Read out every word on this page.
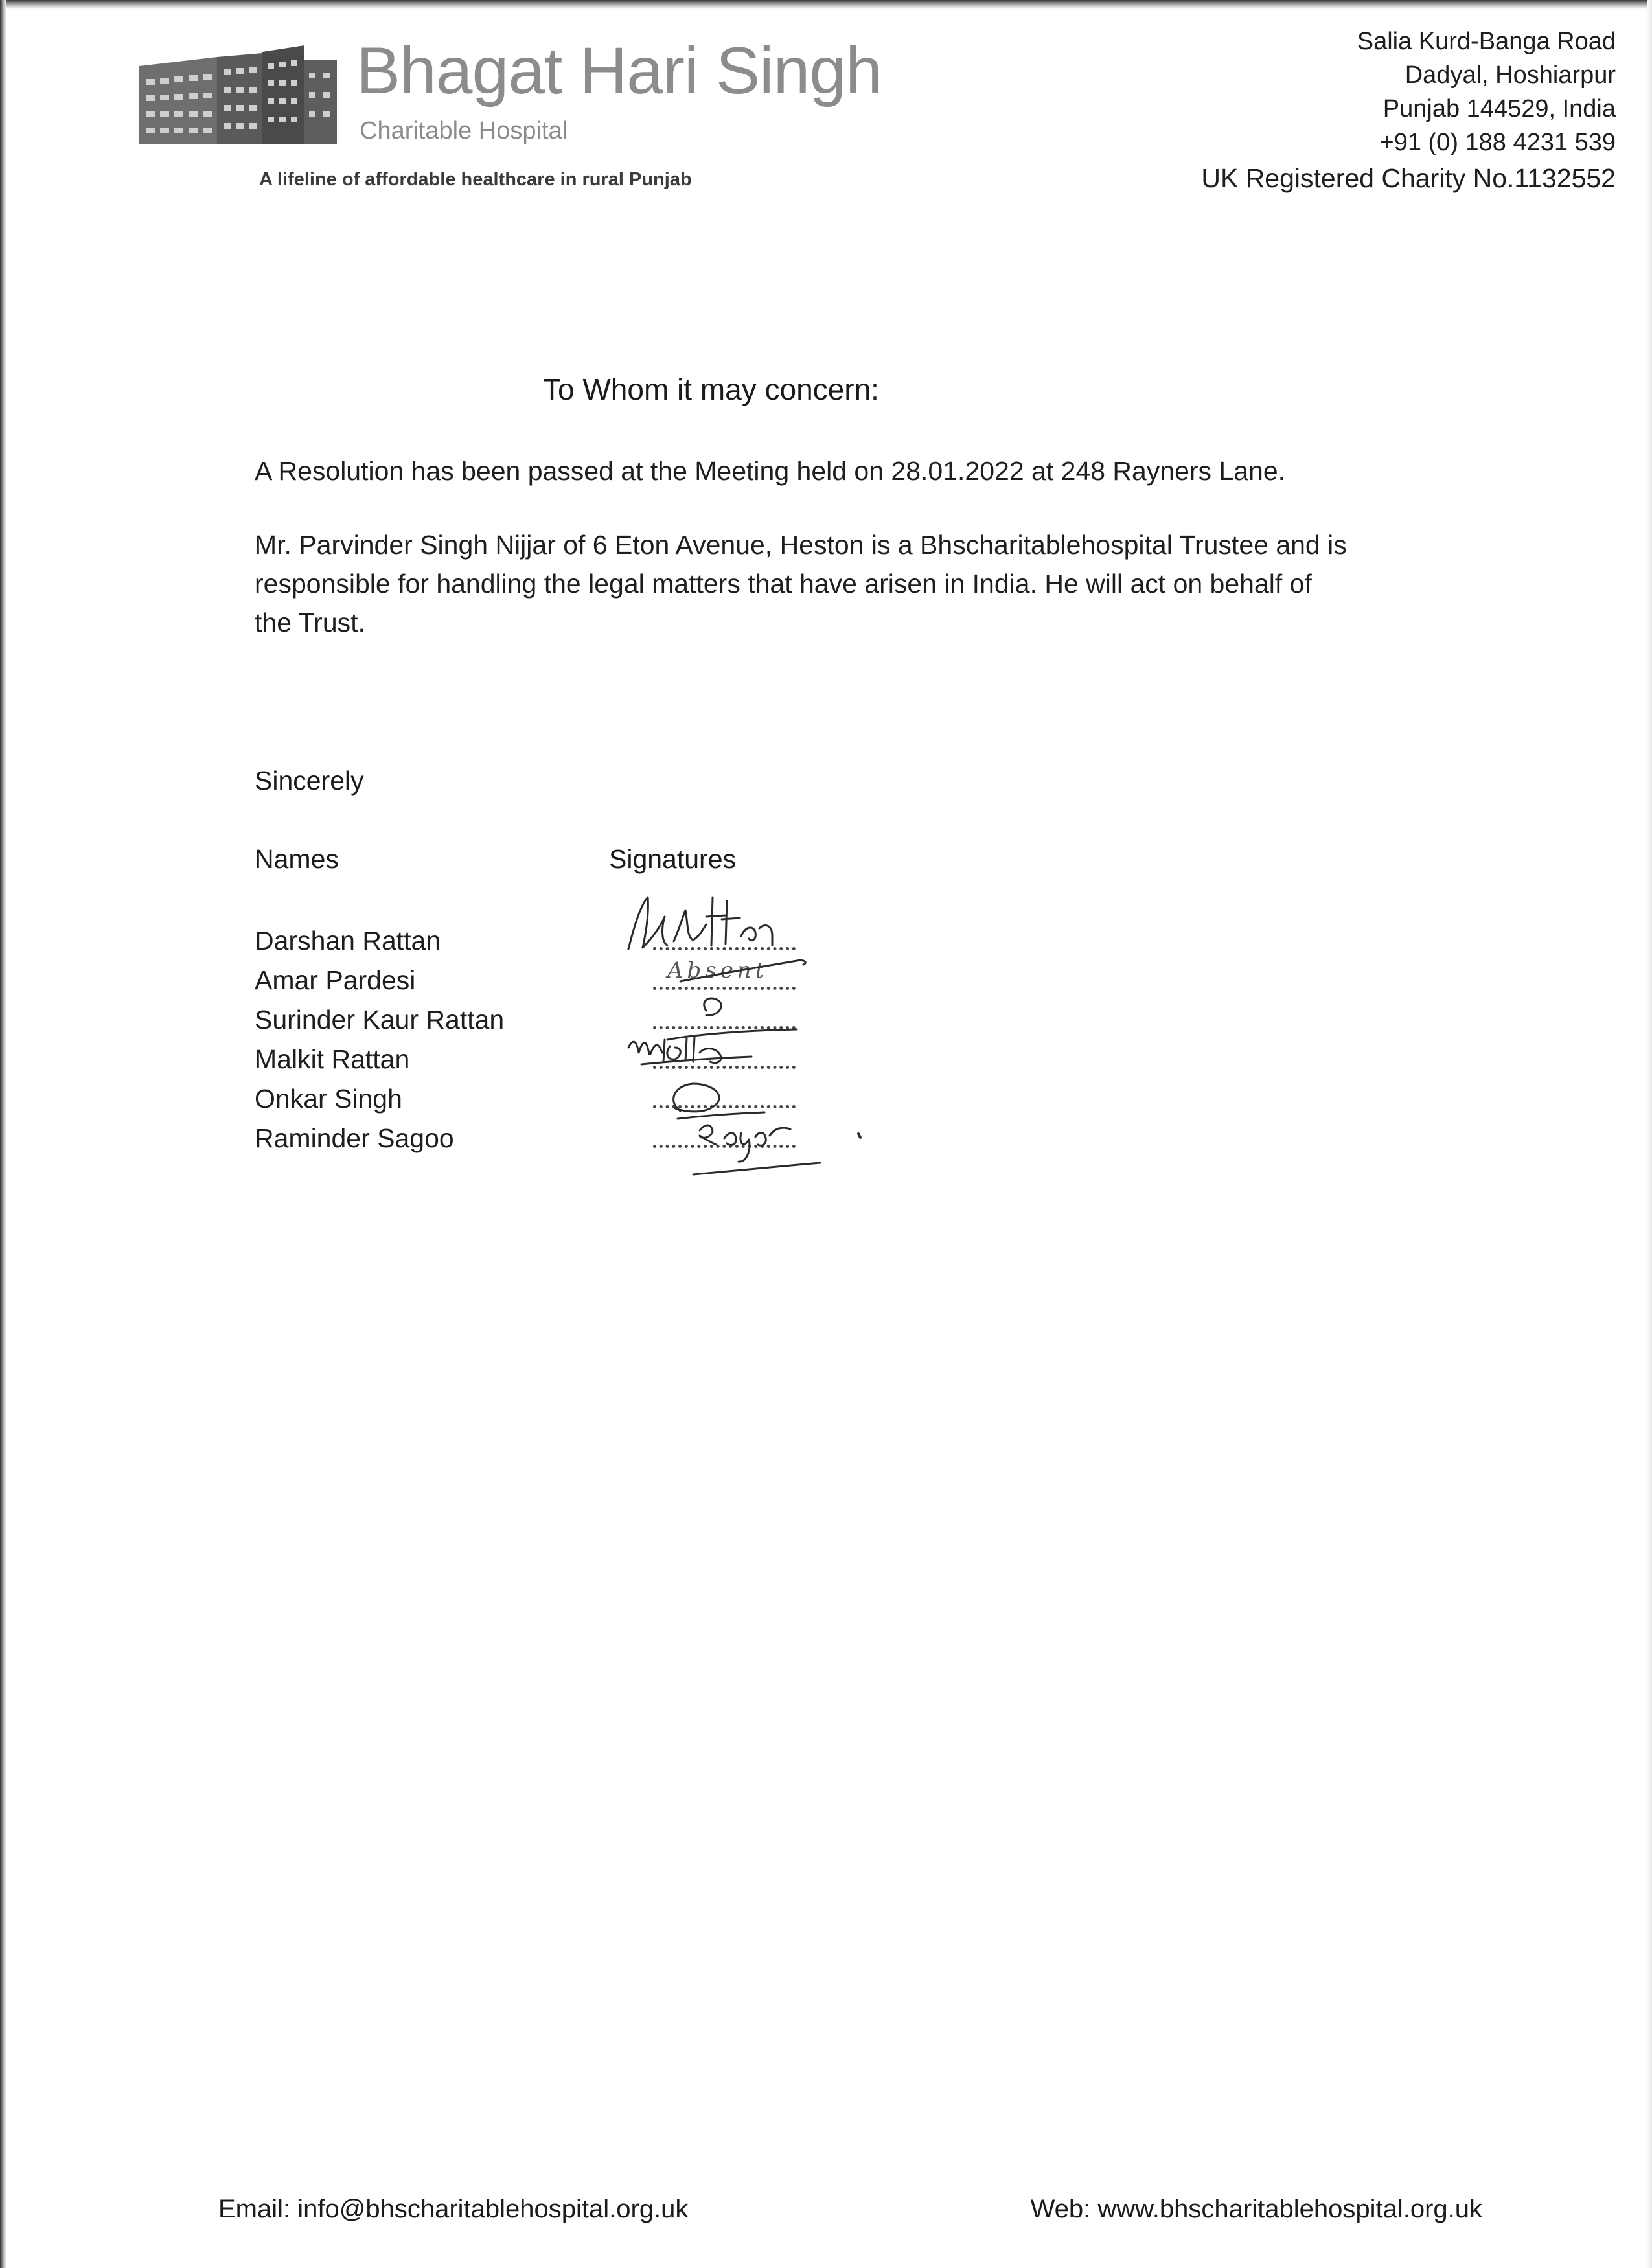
Bhagat Hari Singh
Charitable Hospital
A lifeline of affordable healthcare in rural Punjab
Salia Kurd-Banga Road
Dadyal, Hoshiarpur
Punjab 144529, India
+91 (0) 188 4231 539
UK Registered Charity No.1132552
To Whom it may concern:
A Resolution has been passed at the Meeting held on 28.01.2022 at 248 Rayners Lane.
Mr. Parvinder Singh Nijjar of 6 Eton Avenue, Heston is a Bhscharitablehospital Trustee and is
responsible for handling the legal matters that have arisen in India. He will act on behalf of
the Trust.
Sincerely
Names	Signatures
Darshan Rattan
Amar Pardesi
Surinder Kaur Rattan
Malkit Rattan
Onkar Singh
Raminder Sagoo
Absent
Email: info@bhscharitablehospital.org.uk	Web: www.bhscharitablehospital.org.uk
